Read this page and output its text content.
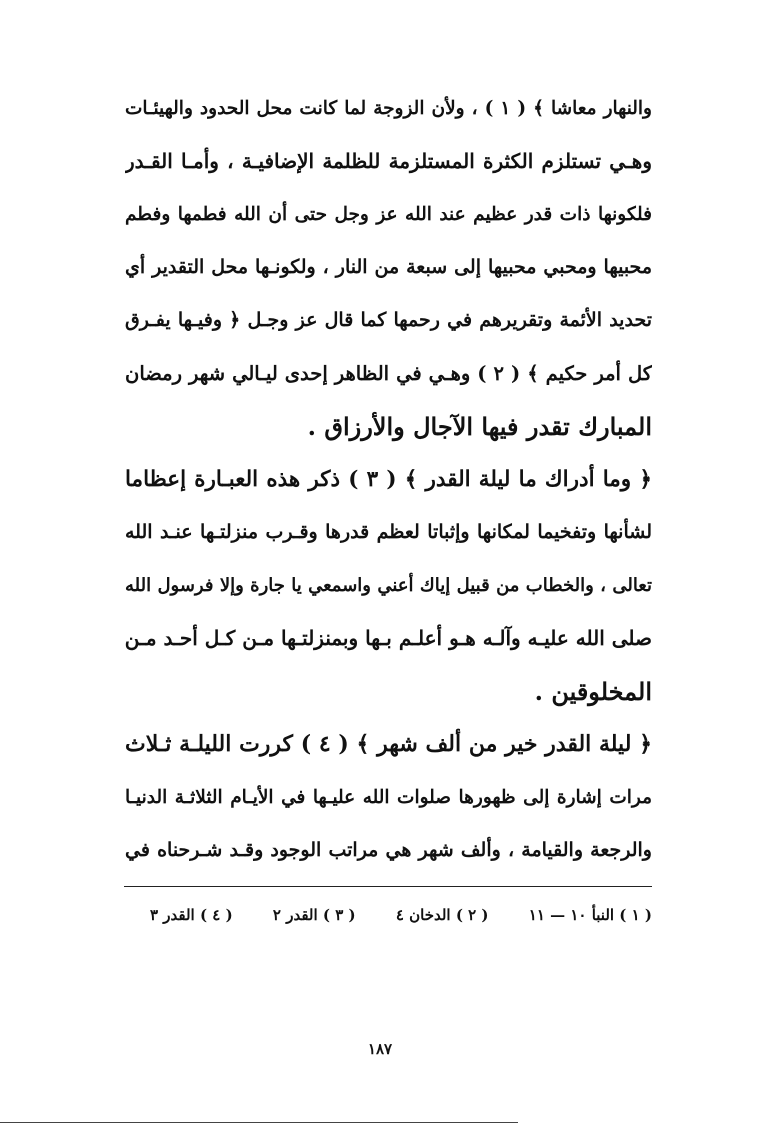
والنهار معاشا ﴾ ( ١ ) ، ولأن الزوجة لما كانت محل الحدود والهيئـات
وهـي تستلزم الكثرة المستلزمة للظلمة الإضافيـة ، وأمـا القـدر
فلكونها ذات قدر عظيم عند الله عز وجل حتى أن الله فطمها وفطم
محبيها ومحبي محبيها إلى سبعة من النار ، ولكونـها محل التقدير أي
تحديد الأئمة وتقريرهم في رحمها كما قال عز وجـل ﴿ وفيـها يفـرق
كل أمر حكيم ﴾ ( ٢ ) وهـي في الظاهر إحدى ليـالي شهر رمضان
المبارك تقدر فيها الآجال والأرزاق .
﴿ وما أدراك ما ليلة القدر ﴾ ( ٣ ) ذكر هذه العبـارة إعظاما
لشأنها وتفخيما لمكانها وإثباتا لعظم قدرها وقـرب منزلتـها عنـد الله
تعالى ، والخطاب من قبيل إياك أعني واسمعي يا جارة وإلا فرسول الله
صلى الله عليـه وآلـه هـو أعلـم بـها وبمنزلتـها مـن كـل أحـد مـن
المخلوقين .
﴿ ليلة القدر خير من ألف شهر ﴾ ( ٤ ) كررت الليلـة ثـلاث
مرات إشارة إلى ظهورها صلوات الله عليـها في الأيـام الثلاثـة الدنيـا
والرجعة والقيامة ، وألف شهر هي مراتب الوجود وقـد شـرحناه في
( ١ ) النبأ ١٠ — ١١
( ٢ ) الدخان ٤
( ٣ ) القدر ٢
( ٤ ) القدر ٣
١٨٧
